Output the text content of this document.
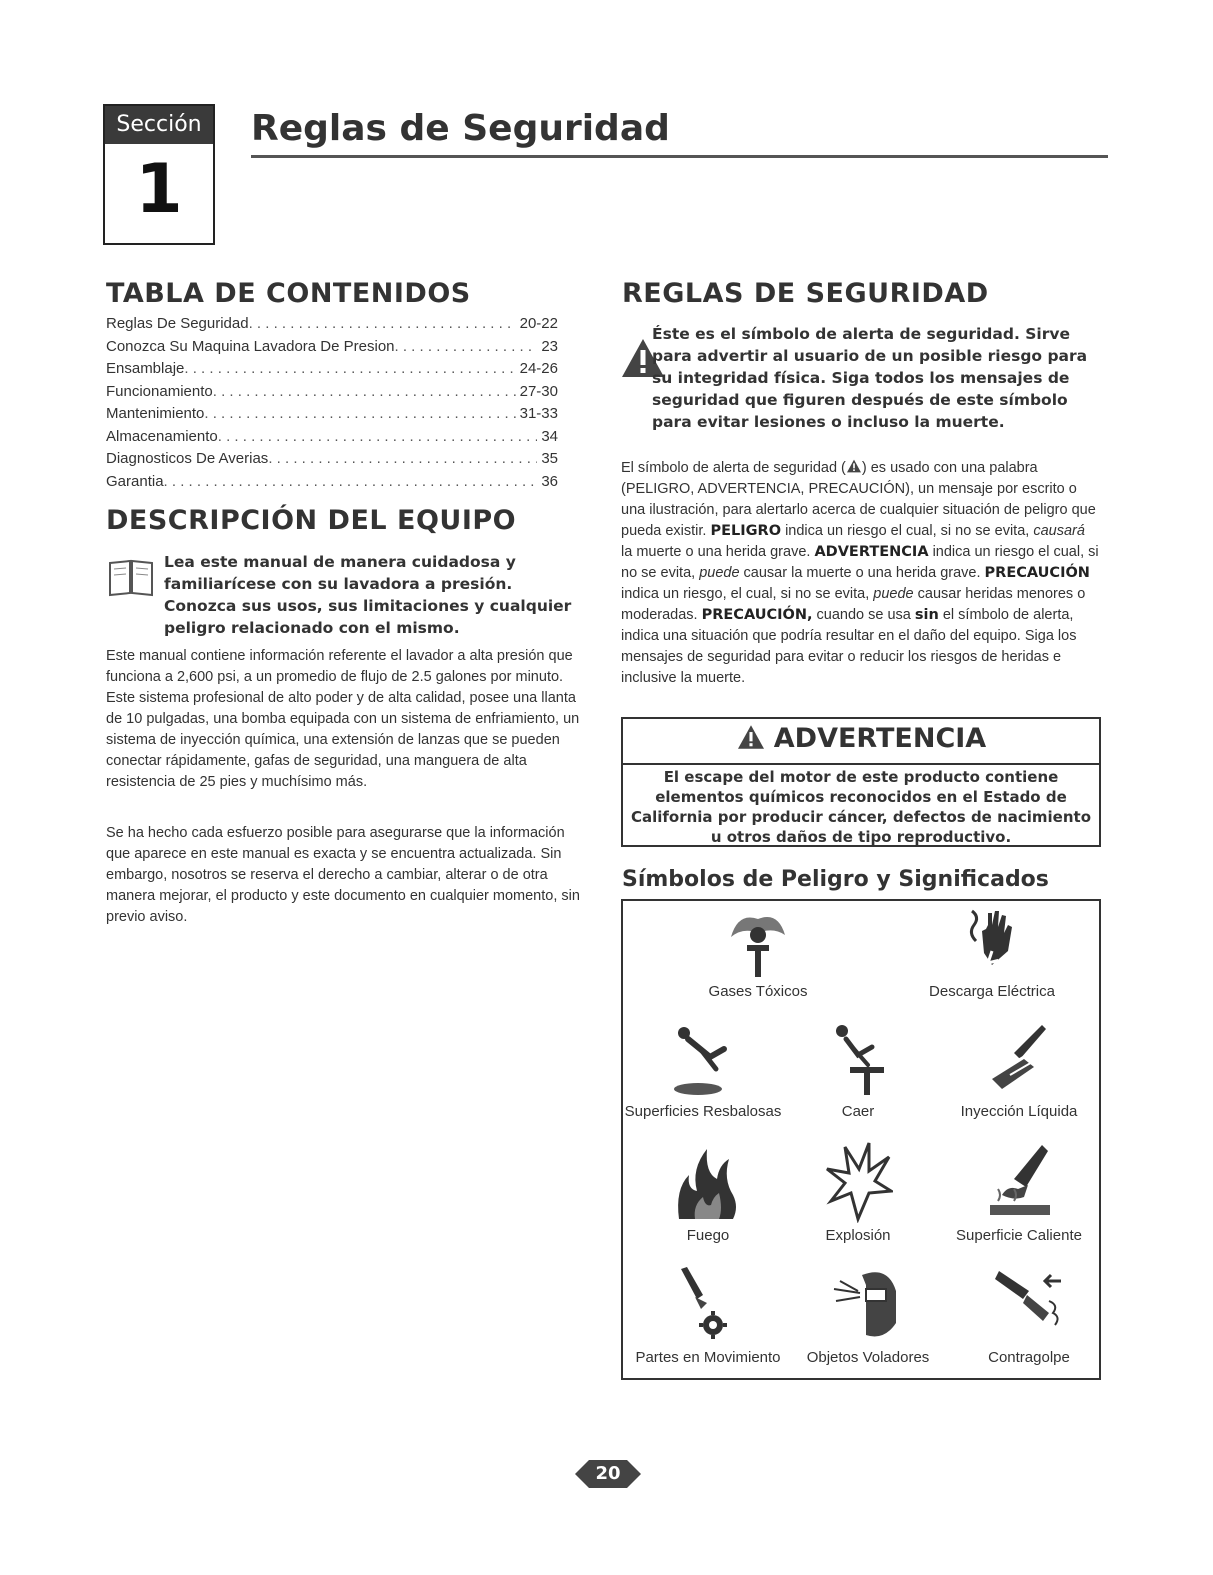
Sección
1
Reglas de Seguridad
TABLA DE CONTENIDOS
Reglas De Seguridad . . .	20-22
Conozca Su Maquina Lavadora De Presion . . .	23
Ensamblaje . . .	24-26
Funcionamiento . . .	27-30
Mantenimiento . . .	31-33
Almacenamiento . . .	34
Diagnosticos De Averias . . .	35
Garantia . . .	36
DESCRIPCIÓN DEL EQUIPO

Lea este manual de manera cuidadosa y familiarícese con su lavadora a presión. Conozca sus usos, sus limitaciones y cualquier peligro relacionado con el mismo.

Este manual contiene información referente el lavador a alta presión que funciona a 2,600 psi, a un promedio de flujo de 2.5 galones por minuto. Este sistema profesional de alto poder y de alta calidad, posee una llanta de 10 pulgadas, una bomba equipada con un sistema de enfriamiento, un sistema de inyección química, una extensión de lanzas que se pueden conectar rápidamente, gafas de seguridad, una manguera de alta resistencia de 25 pies y muchísimo más.

Se ha hecho cada esfuerzo posible para asegurarse que la información que aparece en este manual es exacta y se encuentra actualizada. Sin embargo, nosotros se reserva el derecho a cambiar, alterar o de otra manera mejorar, el producto y este documento en cualquier momento, sin previo aviso.

REGLAS DE SEGURIDAD

Éste es el símbolo de alerta de seguridad. Sirve para advertir al usuario de un posible riesgo para su integridad física. Siga todos los mensajes de seguridad que figuren después de este símbolo para evitar lesiones o incluso la muerte.

El símbolo de alerta de seguridad ( ) es usado con una palabra (PELIGRO, ADVERTENCIA, PRECAUCIÓN), un mensaje por escrito o una ilustración, para alertarlo acerca de cualquier situación de peligro que pueda existir. PELIGRO indica un riesgo el cual, si no se evita, causará la muerte o una herida grave. ADVERTENCIA indica un riesgo el cual, si no se evita, puede causar la muerte o una herida grave. PRECAUCIÓN indica un riesgo, el cual, si no se evita, puede causar heridas menores o moderadas. PRECAUCIÓN, cuando se usa sin el símbolo de alerta, indica una situación que podría resultar en el daño del equipo. Siga los mensajes de seguridad para evitar o reducir los riesgos de heridas e inclusive la muerte.

ADVERTENCIA

El escape del motor de este producto contiene elementos químicos reconocidos en el Estado de California por producir cáncer, defectos de nacimiento u otros daños de tipo reproductivo.

Símbolos de Peligro y Significados
Gases Tóxicos	Descarga Eléctrica
Superficies Resbalosas	Caer	Inyección Líquida
Fuego	Explosión	Superficie Caliente
Partes en Movimiento	Objetos Voladores	Contragolpe
20
